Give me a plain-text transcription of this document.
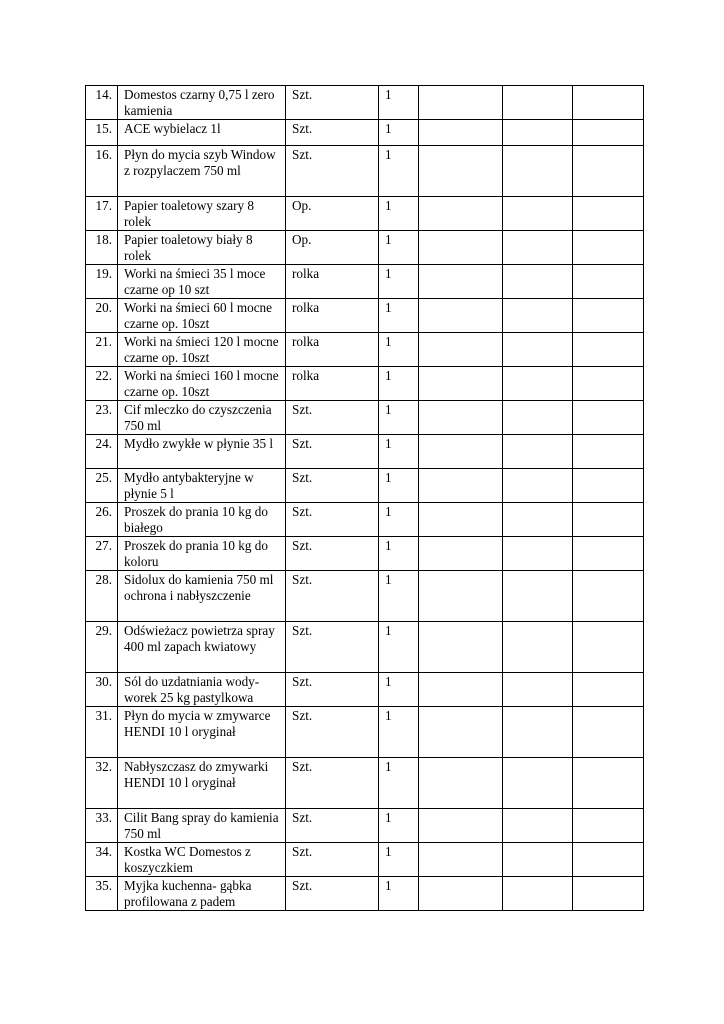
14.	Domestos czarny 0,75 l zero kamienia	Szt.	1			
15.	ACE wybielacz 1l	Szt.	1			
16.	Płyn do mycia szyb Window z rozpylaczem 750 ml	Szt.	1			
17.	Papier toaletowy szary 8 rolek	Op.	1			
18.	Papier toaletowy biały 8 rolek	Op.	1			
19.	Worki na śmieci 35 l moce czarne op 10 szt	rolka	1			
20.	Worki na śmieci 60 l mocne czarne op. 10szt	rolka	1			
21.	Worki na śmieci 120 l mocne czarne op. 10szt	rolka	1			
22.	Worki na śmieci 160 l mocne czarne op. 10szt	rolka	1			
23.	Cif mleczko do czyszczenia 750 ml	Szt.	1			
24.	Mydło zwykłe w płynie 35 l	Szt.	1			
25.	Mydło antybakteryjne w płynie 5 l	Szt.	1			
26.	Proszek do prania 10 kg do białego	Szt.	1			
27.	Proszek do prania 10 kg do koloru	Szt.	1			
28.	Sidolux do kamienia 750 ml ochrona i nabłyszczenie	Szt.	1			
29.	Odświeżacz powietrza spray 400 ml zapach kwiatowy	Szt.	1			
30.	Sól do uzdatniania wody-worek 25 kg pastylkowa	Szt.	1			
31.	Płyn do mycia w zmywarce HENDI 10 l oryginał	Szt.	1			
32.	Nabłyszczasz do zmywarki HENDI 10 l oryginał	Szt.	1			
33.	Cilit Bang spray do kamienia 750 ml	Szt.	1			
34.	Kostka WC Domestos z koszyczkiem	Szt.	1			
35.	Myjka kuchenna- gąbka profilowana z padem	Szt.	1			
